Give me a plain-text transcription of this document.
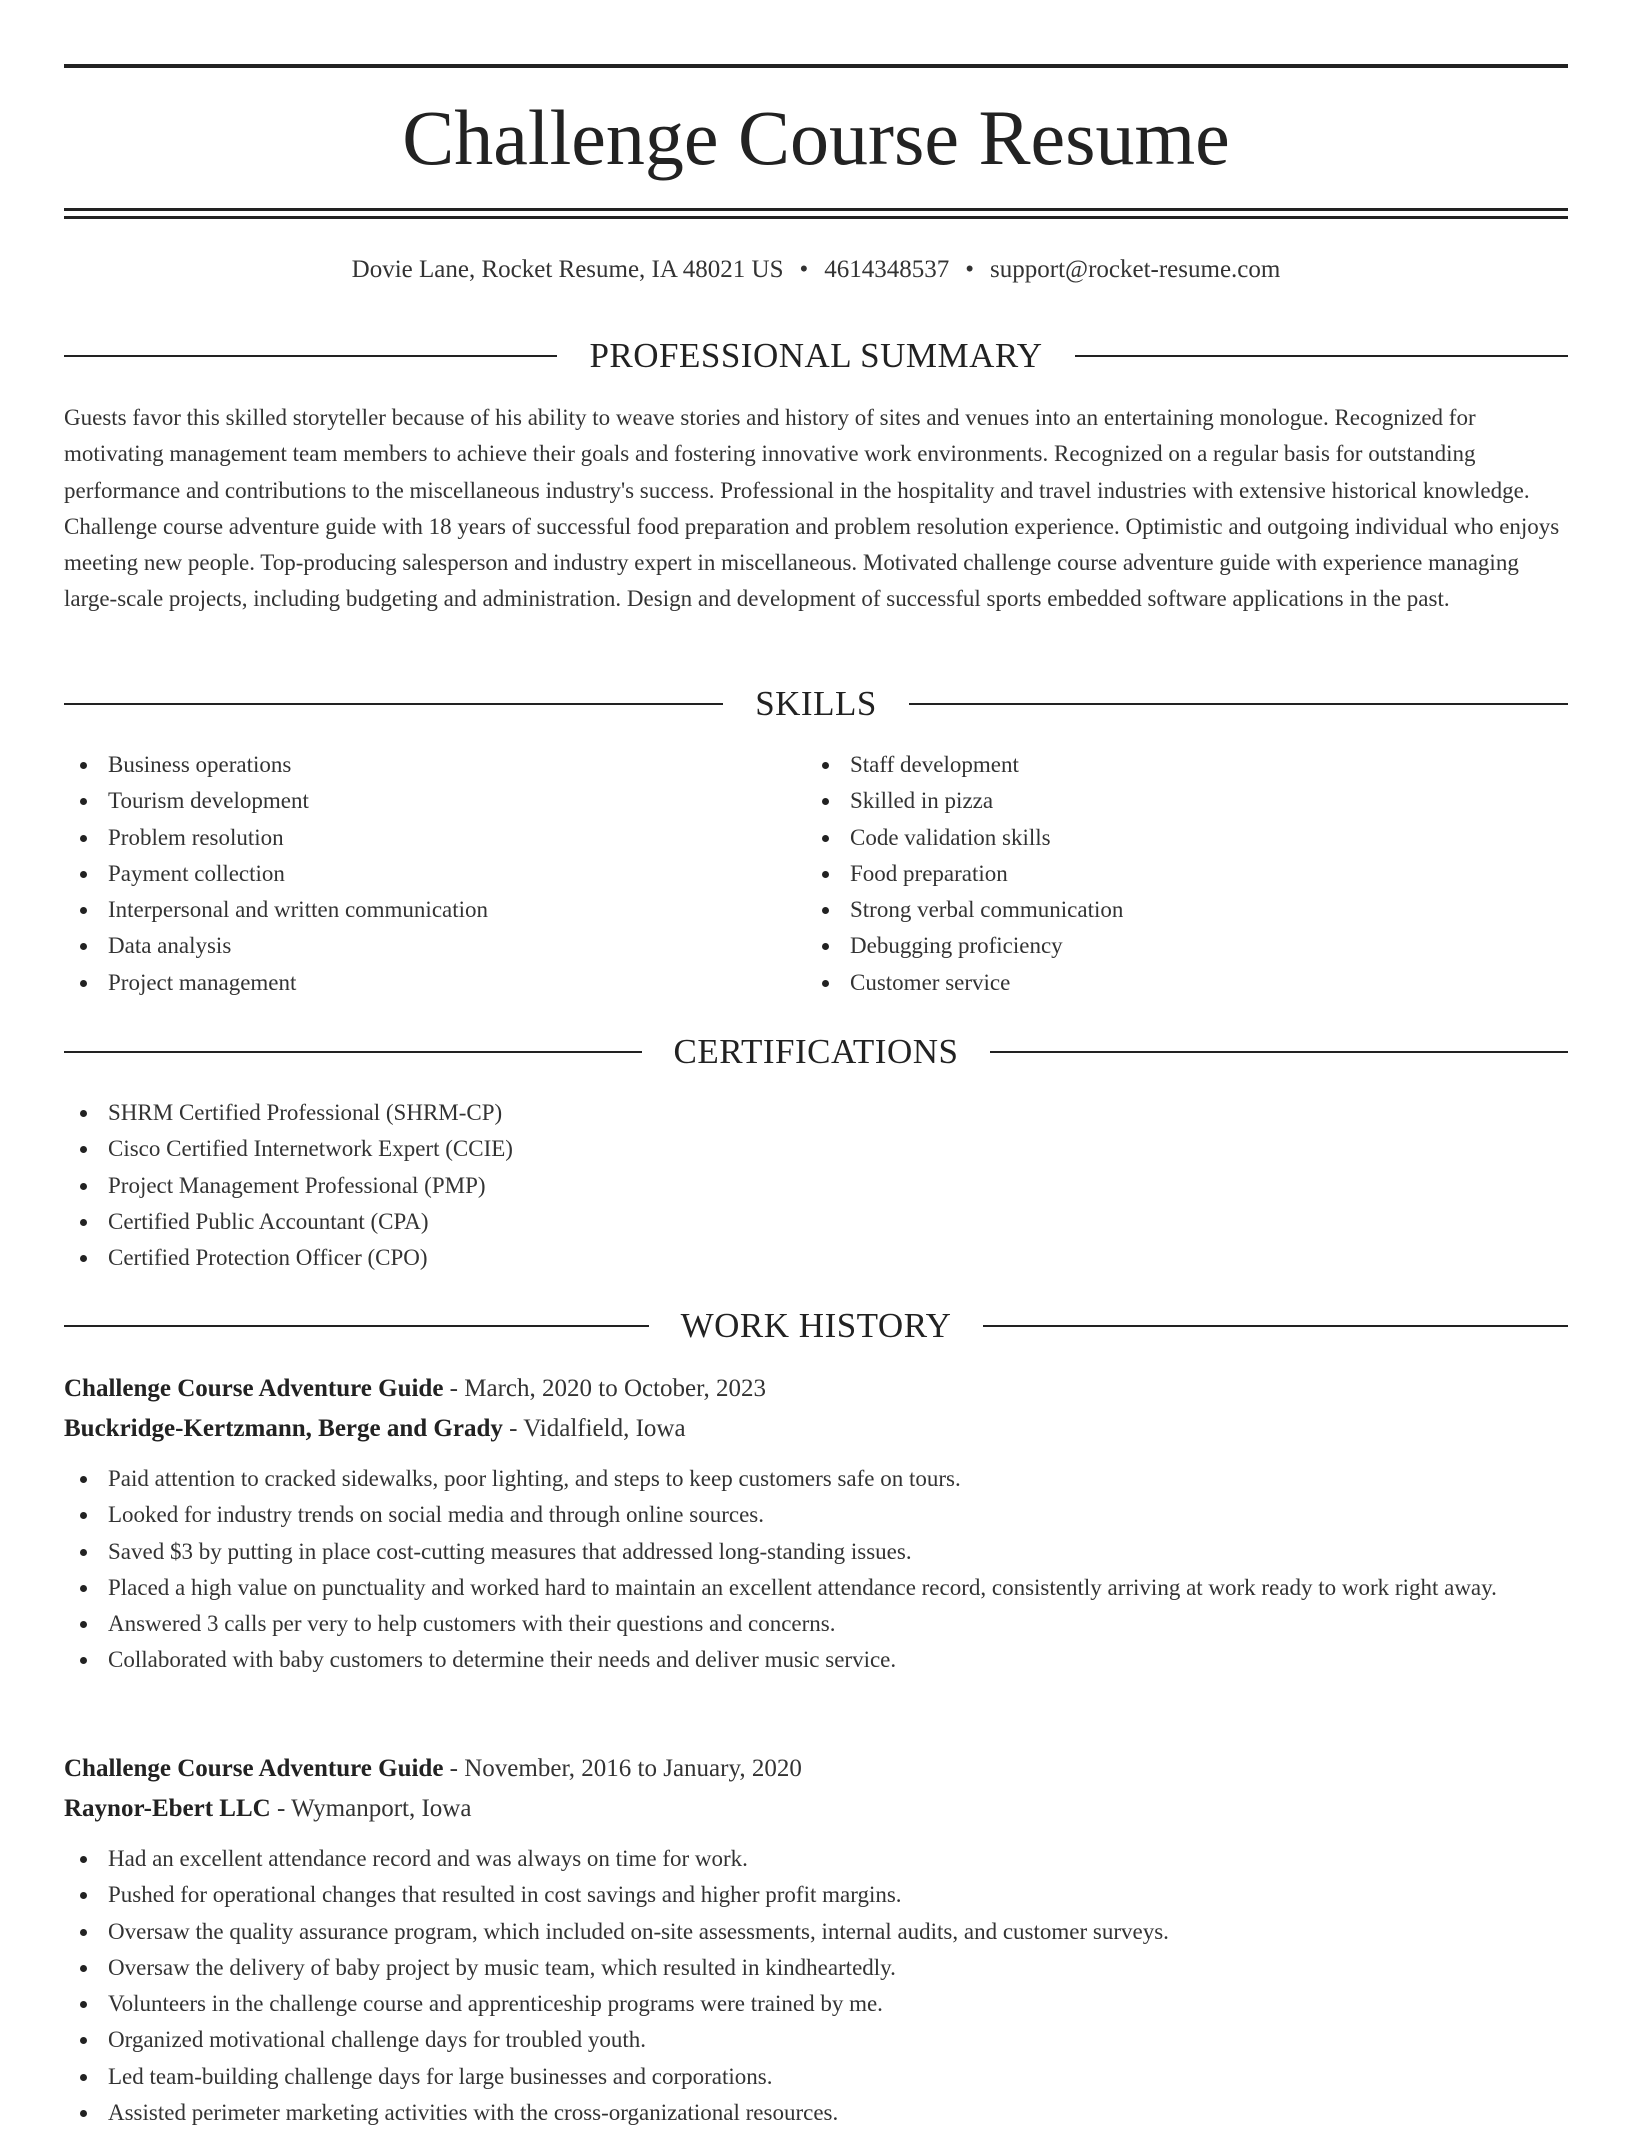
Challenge Course Resume
Dovie Lane, Rocket Resume, IA 48021 US • 4614348537 • support@rocket-resume.com
PROFESSIONAL SUMMARY

Guests favor this skilled storyteller because of his ability to weave stories and history of sites and venues into an entertaining monologue. Recognized for motivating management team members to achieve their goals and fostering innovative work environments. Recognized on a regular basis for outstanding performance and contributions to the miscellaneous industry's success. Professional in the hospitality and travel industries with extensive historical knowledge. Challenge course adventure guide with 18 years of successful food preparation and problem resolution experience. Optimistic and outgoing individual who enjoys meeting new people. Top-producing salesperson and industry expert in miscellaneous. Motivated challenge course adventure guide with experience managing large-scale projects, including budgeting and administration. Design and development of successful sports embedded software applications in the past.

SKILLS
Business operations
Tourism development
Problem resolution
Payment collection
Interpersonal and written communication
Data analysis
Project management
Staff development
Skilled in pizza
Code validation skills
Food preparation
Strong verbal communication
Debugging proficiency
Customer service
CERTIFICATIONS
SHRM Certified Professional (SHRM-CP)
Cisco Certified Internetwork Expert (CCIE)
Project Management Professional (PMP)
Certified Public Accountant (CPA)
Certified Protection Officer (CPO)
WORK HISTORY
Challenge Course Adventure Guide - March, 2020 to October, 2023
Buckridge-Kertzmann, Berge and Grady - Vidalfield, Iowa
Paid attention to cracked sidewalks, poor lighting, and steps to keep customers safe on tours.
Looked for industry trends on social media and through online sources.
Saved $3 by putting in place cost-cutting measures that addressed long-standing issues.
Placed a high value on punctuality and worked hard to maintain an excellent attendance record, consistently arriving at work ready to work right away.
Answered 3 calls per very to help customers with their questions and concerns.
Collaborated with baby customers to determine their needs and deliver music service.
Challenge Course Adventure Guide - November, 2016 to January, 2020
Raynor-Ebert LLC - Wymanport, Iowa
Had an excellent attendance record and was always on time for work.
Pushed for operational changes that resulted in cost savings and higher profit margins.
Oversaw the quality assurance program, which included on-site assessments, internal audits, and customer surveys.
Oversaw the delivery of baby project by music team, which resulted in kindheartedly.
Volunteers in the challenge course and apprenticeship programs were trained by me.
Organized motivational challenge days for troubled youth.
Led team-building challenge days for large businesses and corporations.
Assisted perimeter marketing activities with the cross-organizational resources.
